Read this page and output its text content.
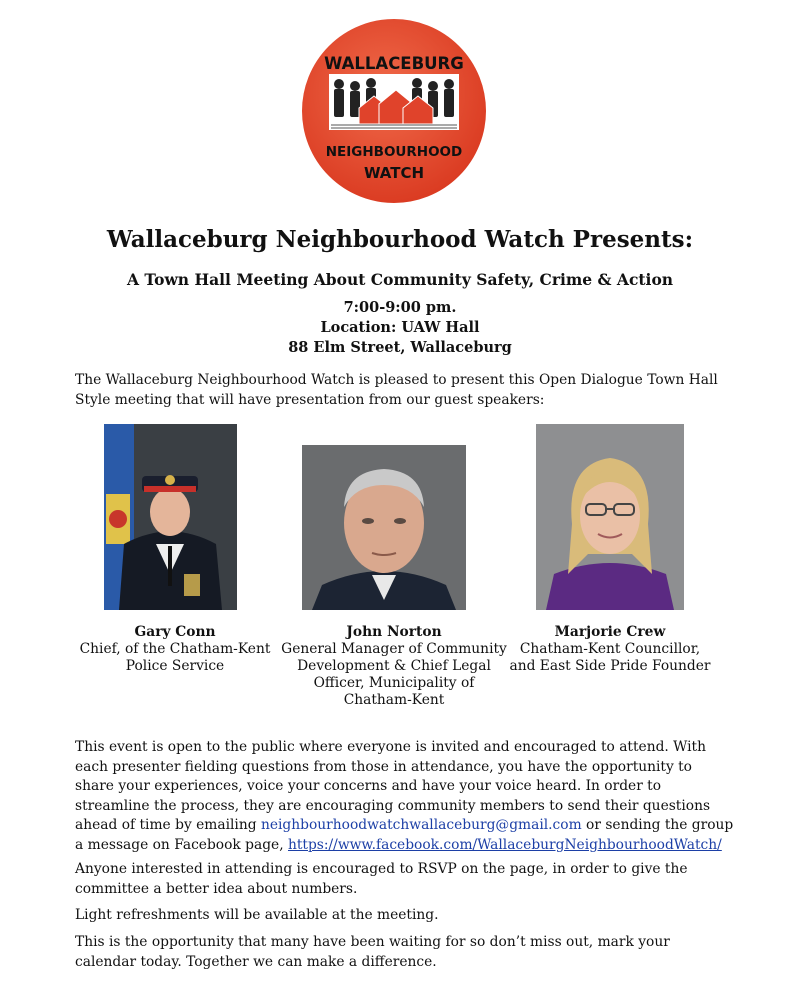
WALLACEBURG
NEIGHBOURHOOD
WATCH
Wallaceburg Neighbourhood Watch Presents:
A Town Hall Meeting About Community Safety, Crime & Action
7:00-9:00 pm.
Location: UAW Hall
88 Elm Street, Wallaceburg

The Wallaceburg Neighbourhood Watch is pleased to present this Open Dialogue Town Hall Style meeting that will have presentation from our guest speakers:

Gary Conn
Chief, of the Chatham-Kent
Police Service
John Norton
General Manager of Community
Development & Chief Legal
Officer, Municipality of
Chatham-Kent
Marjorie Crew
Chatham-Kent Councillor,
and East Side Pride Founder

This event is open to the public where everyone is invited and encouraged to attend. With each presenter fielding questions from those in attendance, you have the opportunity to share your experiences, voice your concerns and have your voice heard. In order to streamline the process, they are encouraging community members to send their questions ahead of time by emailing neighbourhoodwatchwallaceburg@gmail.com or sending the group a message on Facebook page, https://www.facebook.com/WallaceburgNeighbourhoodWatch/

Anyone interested in attending is encouraged to RSVP on the page, in order to give the committee a better idea about numbers.

Light refreshments will be available at the meeting.

This is the opportunity that many have been waiting for so don’t miss out, mark your calendar today. Together we can make a difference.
